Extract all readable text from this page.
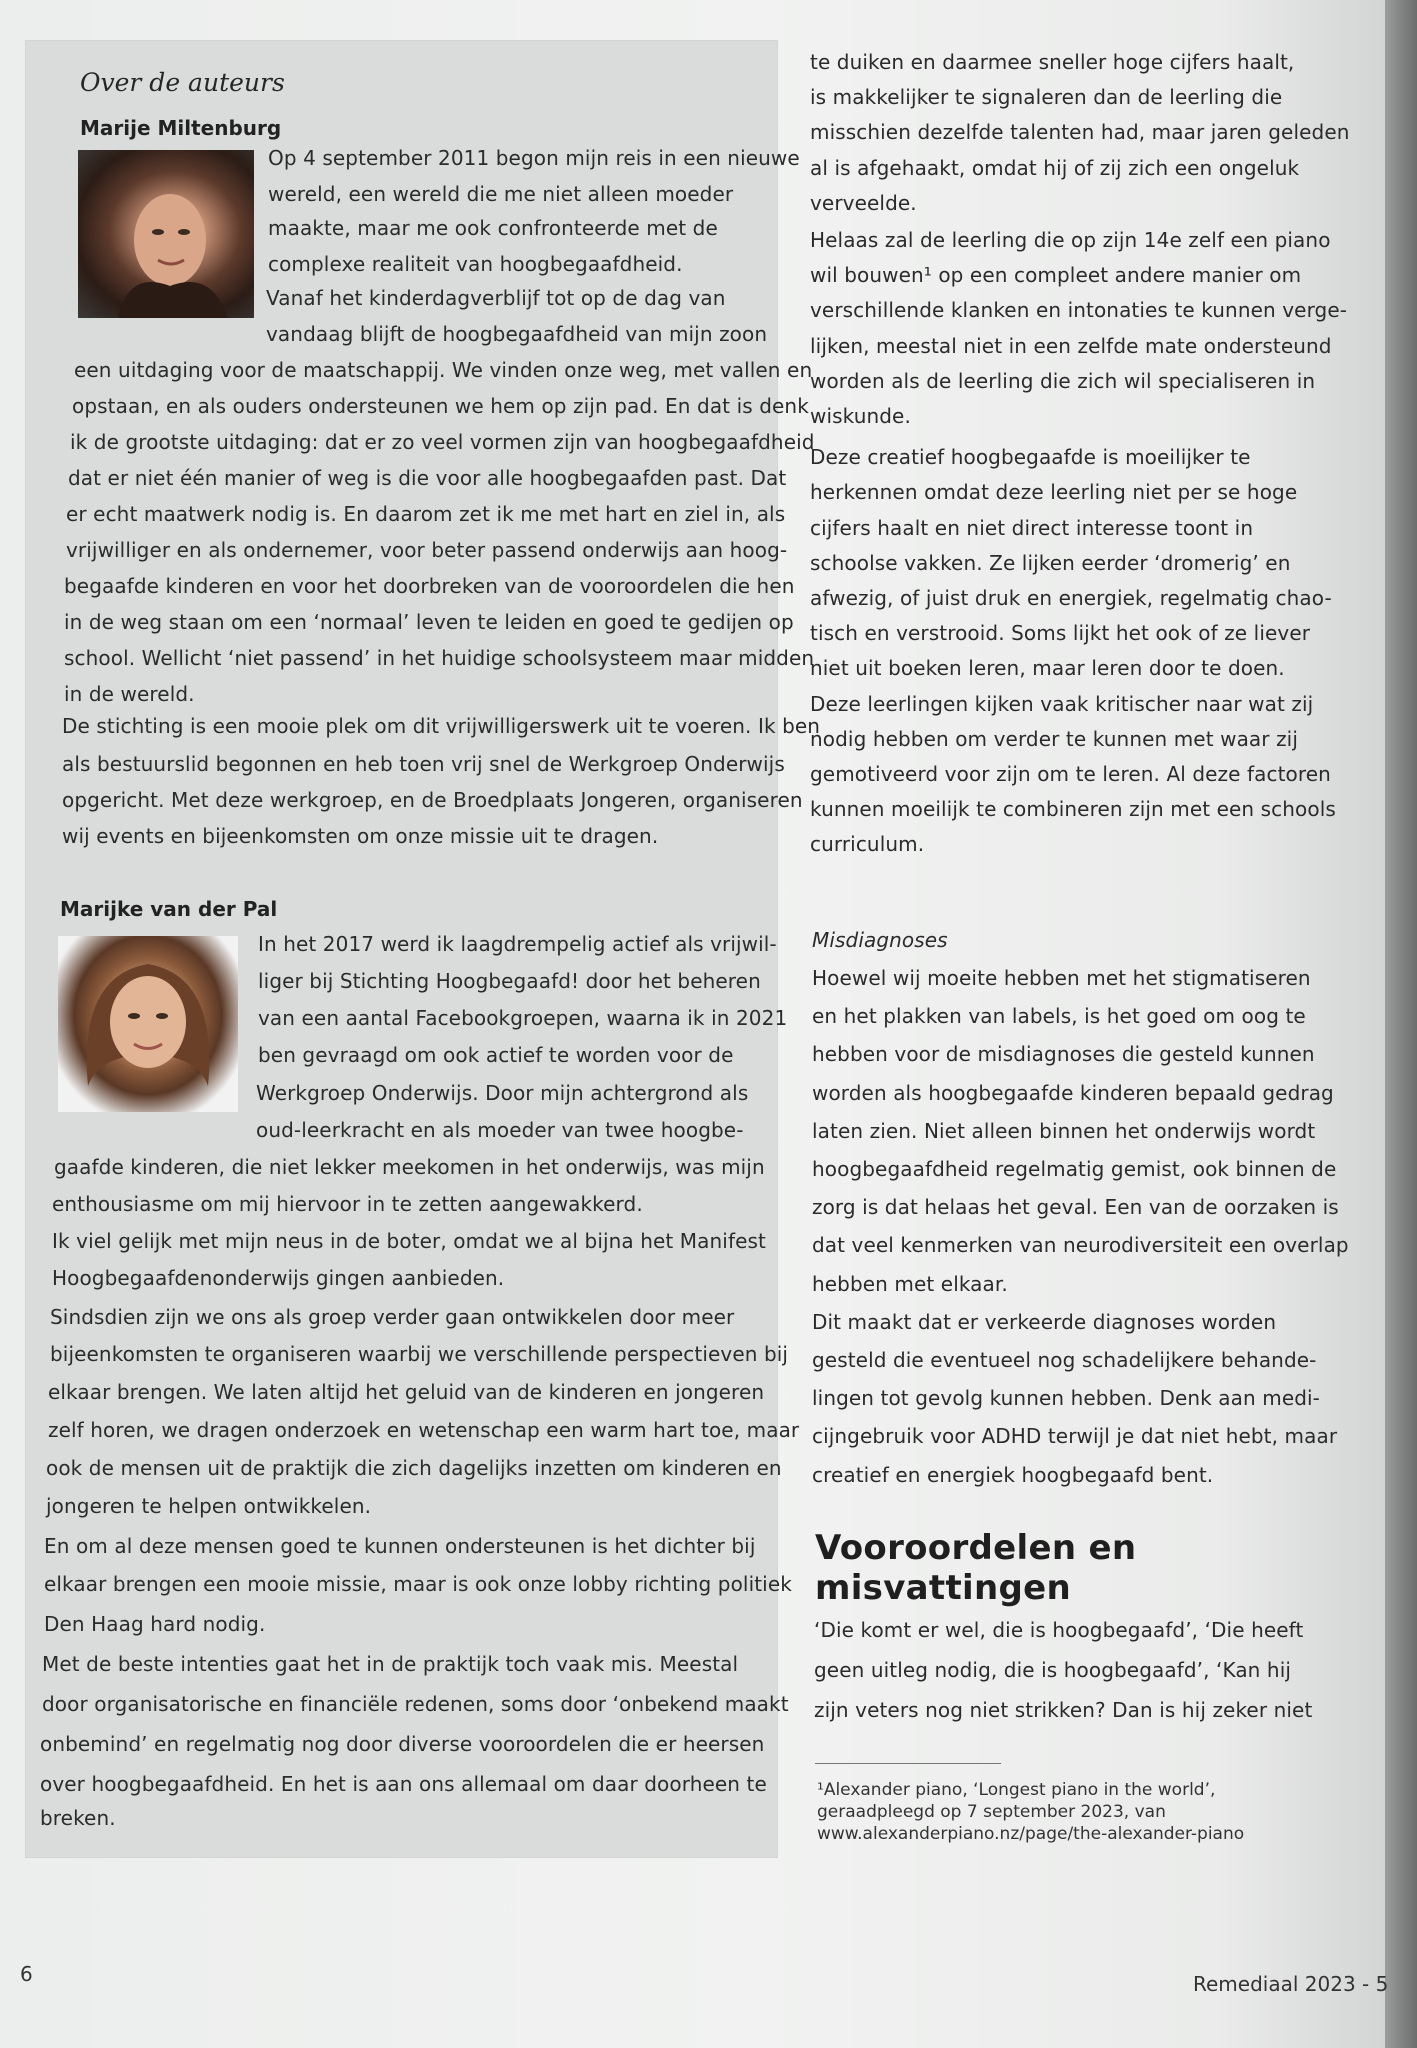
Over de auteurs
Marije Miltenburg
Marijke van der Pal
Op 4 september 2011 begon mijn reis in een nieuwe
wereld, een wereld die me niet alleen moeder
maakte, maar me ook confronteerde met de
complexe realiteit van hoogbegaafdheid.
Vanaf het kinderdagverblijf tot op de dag van
vandaag blijft de hoogbegaafdheid van mijn zoon
een uitdaging voor de maatschappij. We vinden onze weg, met vallen en
opstaan, en als ouders ondersteunen we hem op zijn pad. En dat is denk
ik de grootste uitdaging: dat er zo veel vormen zijn van hoogbegaafdheid
dat er niet één manier of weg is die voor alle hoogbegaafden past. Dat
er echt maatwerk nodig is. En daarom zet ik me met hart en ziel in, als
vrijwilliger en als ondernemer, voor beter passend onderwijs aan hoog-
begaafde kinderen en voor het doorbreken van de vooroordelen die hen
in de weg staan om een ‘normaal’ leven te leiden en goed te gedijen op
school. Wellicht ‘niet passend’ in het huidige schoolsysteem maar midden
in de wereld.
De stichting is een mooie plek om dit vrijwilligerswerk uit te voeren. Ik ben
als bestuurslid begonnen en heb toen vrij snel de Werkgroep Onderwijs
opgericht. Met deze werkgroep, en de Broedplaats Jongeren, organiseren
wij events en bijeenkomsten om onze missie uit te dragen.
In het 2017 werd ik laagdrempelig actief als vrijwil-
liger bij Stichting Hoogbegaafd! door het beheren
van een aantal Facebookgroepen, waarna ik in 2021
ben gevraagd om ook actief te worden voor de
Werkgroep Onderwijs. Door mijn achtergrond als
oud-leerkracht en als moeder van twee hoogbe-
gaafde kinderen, die niet lekker meekomen in het onderwijs, was mijn
enthousiasme om mij hiervoor in te zetten aangewakkerd.
Ik viel gelijk met mijn neus in de boter, omdat we al bijna het Manifest
Hoogbegaafdenonderwijs gingen aanbieden.
Sindsdien zijn we ons als groep verder gaan ontwikkelen door meer
bijeenkomsten te organiseren waarbij we verschillende perspectieven bij
elkaar brengen. We laten altijd het geluid van de kinderen en jongeren
zelf horen, we dragen onderzoek en wetenschap een warm hart toe, maar
ook de mensen uit de praktijk die zich dagelijks inzetten om kinderen en
jongeren te helpen ontwikkelen.
En om al deze mensen goed te kunnen ondersteunen is het dichter bij
elkaar brengen een mooie missie, maar is ook onze lobby richting politiek
Den Haag hard nodig.
Met de beste intenties gaat het in de praktijk toch vaak mis. Meestal
door organisatorische en financiële redenen, soms door ‘onbekend maakt
onbemind’ en regelmatig nog door diverse vooroordelen die er heersen
over hoogbegaafdheid. En het is aan ons allemaal om daar doorheen te
breken.
te duiken en daarmee sneller hoge cijfers haalt,
is makkelijker te signaleren dan de leerling die
misschien dezelfde talenten had, maar jaren geleden
al is afgehaakt, omdat hij of zij zich een ongeluk
verveelde.
Helaas zal de leerling die op zijn 14e zelf een piano
wil bouwen¹ op een compleet andere manier om
verschillende klanken en intonaties te kunnen verge-
lijken, meestal niet in een zelfde mate ondersteund
worden als de leerling die zich wil specialiseren in
wiskunde.
Deze creatief hoogbegaafde is moeilijker te
herkennen omdat deze leerling niet per se hoge
cijfers haalt en niet direct interesse toont in
schoolse vakken. Ze lijken eerder ‘dromerig’ en
afwezig, of juist druk en energiek, regelmatig chao-
tisch en verstrooid. Soms lijkt het ook of ze liever
niet uit boeken leren, maar leren door te doen.
Deze leerlingen kijken vaak kritischer naar wat zij
nodig hebben om verder te kunnen met waar zij
gemotiveerd voor zijn om te leren. Al deze factoren
kunnen moeilijk te combineren zijn met een schools
curriculum.
Misdiagnoses
Hoewel wij moeite hebben met het stigmatiseren
en het plakken van labels, is het goed om oog te
hebben voor de misdiagnoses die gesteld kunnen
worden als hoogbegaafde kinderen bepaald gedrag
laten zien. Niet alleen binnen het onderwijs wordt
hoogbegaafdheid regelmatig gemist, ook binnen de
zorg is dat helaas het geval. Een van de oorzaken is
dat veel kenmerken van neurodiversiteit een overlap
hebben met elkaar.
Dit maakt dat er verkeerde diagnoses worden
gesteld die eventueel nog schadelijkere behande-
lingen tot gevolg kunnen hebben. Denk aan medi-
cijngebruik voor ADHD terwijl je dat niet hebt, maar
creatief en energiek hoogbegaafd bent.
Vooroordelen en
misvattingen
‘Die komt er wel, die is hoogbegaafd’, ‘Die heeft
geen uitleg nodig, die is hoogbegaafd’, ‘Kan hij
zijn veters nog niet strikken? Dan is hij zeker niet
¹Alexander piano, ‘Longest piano in the world’,
geraadpleegd op 7 september 2023, van
www.alexanderpiano.nz/page/the-alexander-piano
6	Remediaal 2023 - 5
